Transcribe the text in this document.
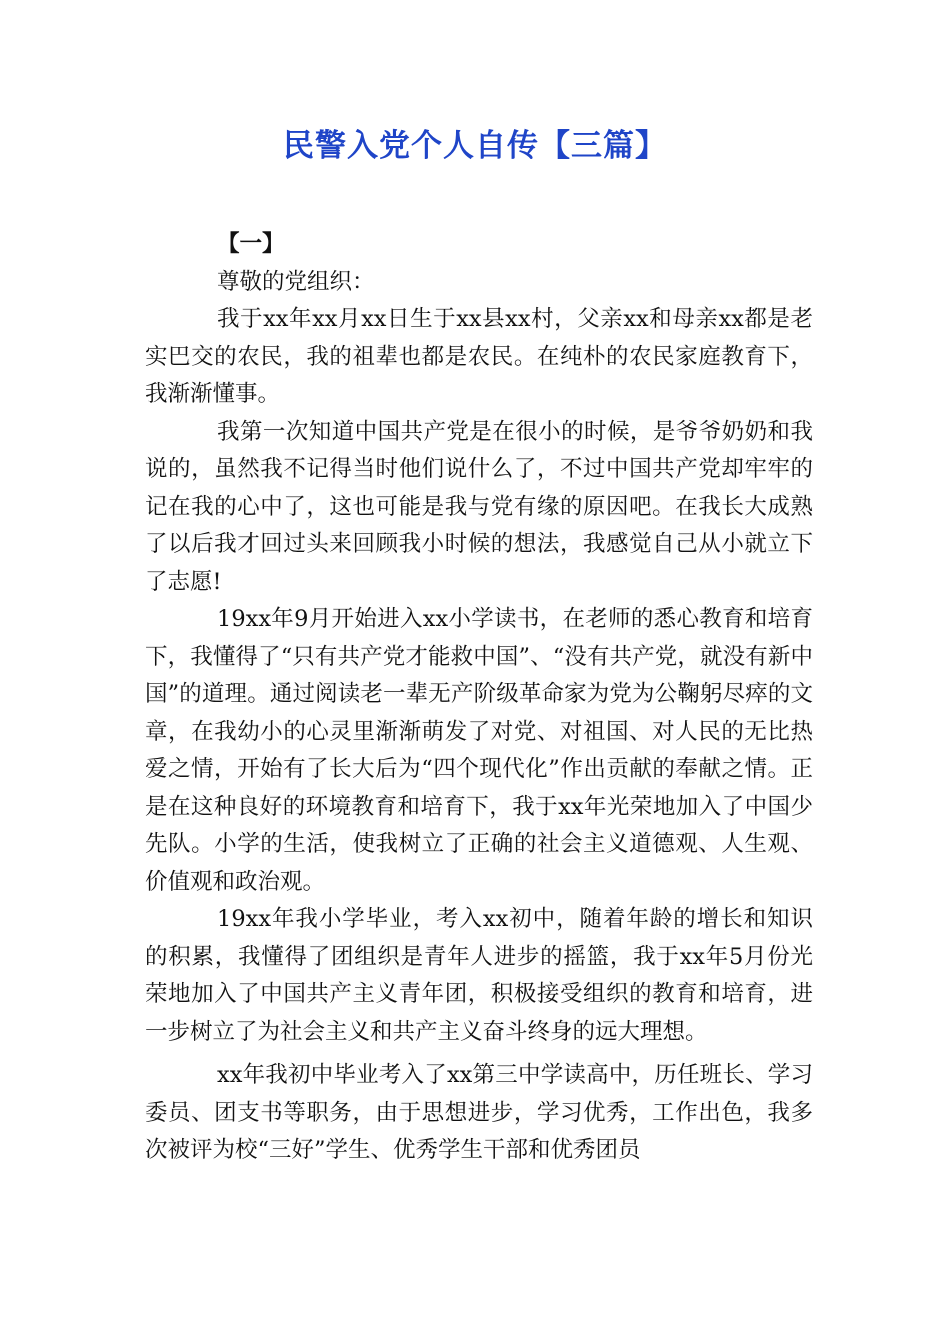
民警入党个人自传【三篇】

【一】

尊敬的党组织：

我于xx年xx月xx日生于xx县xx村，父亲xx和母亲xx都是老实巴交的农民，我的祖辈也都是农民。在纯朴的农民家庭教育下，我渐渐懂事。

我第一次知道中国共产党是在很小的时候，是爷爷奶奶和我说的，虽然我不记得当时他们说什么了，不过中国共产党却牢牢的记在我的心中了，这也可能是我与党有缘的原因吧。在我长大成熟了以后我才回过头来回顾我小时候的想法，我感觉自己从小就立下了志愿!

19xx年9月开始进入xx小学读书，在老师的悉心教育和培育下，我懂得了“只有共产党才能救中国”、“没有共产党，就没有新中国”的道理。通过阅读老一辈无产阶级革命家为党为公鞠躬尽瘁的文章，在我幼小的心灵里渐渐萌发了对党、对祖国、对人民的无比热爱之情，开始有了长大后为“四个现代化”作出贡献的奉献之情。正是在这种良好的环境教育和培育下，我于xx年光荣地加入了中国少先队。小学的生活，使我树立了正确的社会主义道德观、人生观、价值观和政治观。

19xx年我小学毕业，考入xx初中，随着年龄的增长和知识的积累，我懂得了团组织是青年人进步的摇篮，我于xx年5月份光荣地加入了中国共产主义青年团，积极接受组织的教育和培育，进一步树立了为社会主义和共产主义奋斗终身的远大理想。

xx年我初中毕业考入了xx第三中学读高中，历任班长、学习委员、团支书等职务，由于思想进步，学习优秀，工作出色，我多次被评为校“三好”学生、优秀学生干部和优秀团员
